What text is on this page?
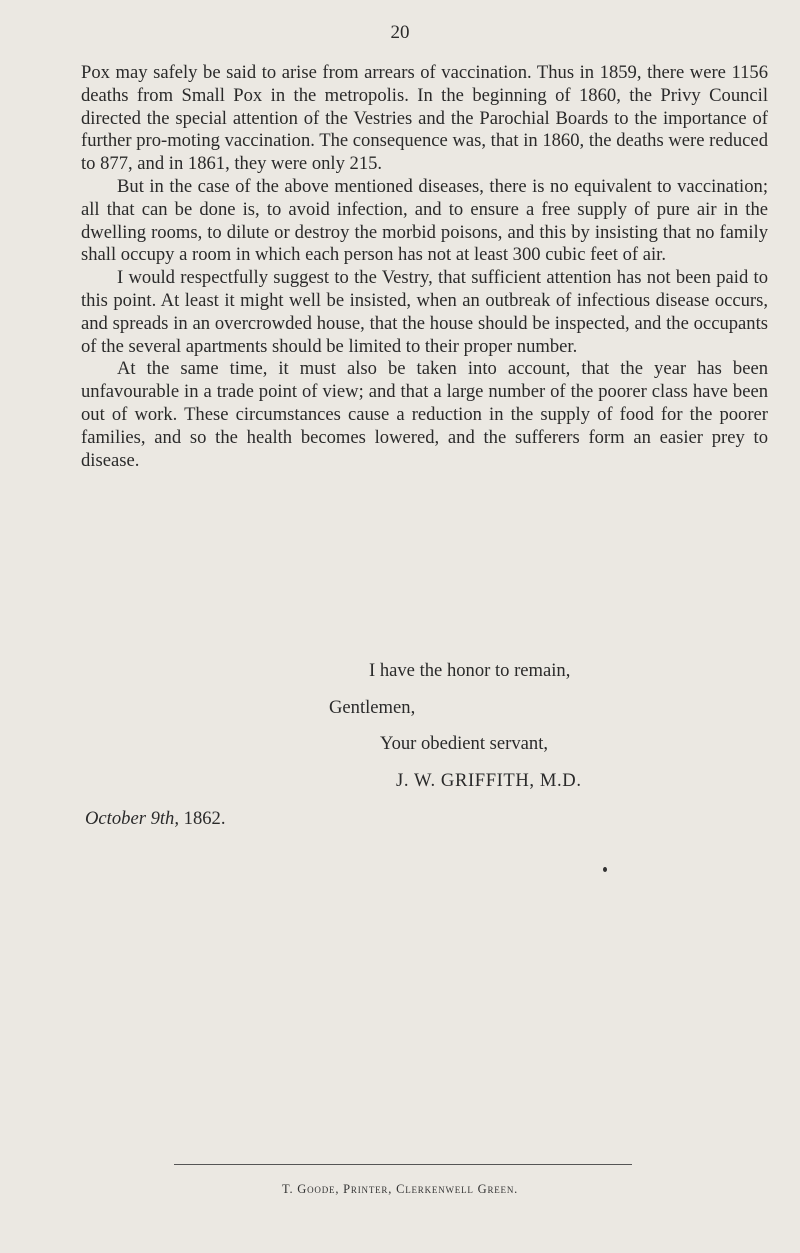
20

Pox may safely be said to arise from arrears of vaccination. Thus in 1859, there were 1156 deaths from Small Pox in the metropolis. In the beginning of 1860, the Privy Council directed the special attention of the Vestries and the Parochial Boards to the importance of further pro-moting vaccination. The consequence was, that in 1860, the deaths were reduced to 877, and in 1861, they were only 215.

But in the case of the above mentioned diseases, there is no equivalent to vaccination; all that can be done is, to avoid infection, and to ensure a free supply of pure air in the dwelling rooms, to dilute or destroy the morbid poisons, and this by insisting that no family shall occupy a room in which each person has not at least 300 cubic feet of air.

I would respectfully suggest to the Vestry, that sufficient attention has not been paid to this point. At least it might well be insisted, when an outbreak of infectious disease occurs, and spreads in an overcrowded house, that the house should be inspected, and the occupants of the several apartments should be limited to their proper number.

At the same time, it must also be taken into account, that the year has been unfavourable in a trade point of view; and that a large number of the poorer class have been out of work. These circumstances cause a reduction in the supply of food for the poorer families, and so the health becomes lowered, and the sufferers form an easier prey to disease.

I have the honor to remain,
Gentlemen,
Your obedient servant,
J. W. GRIFFITH, M.D.
October 9th, 1862.
T. Goode, Printer, Clerkenwell Green.
